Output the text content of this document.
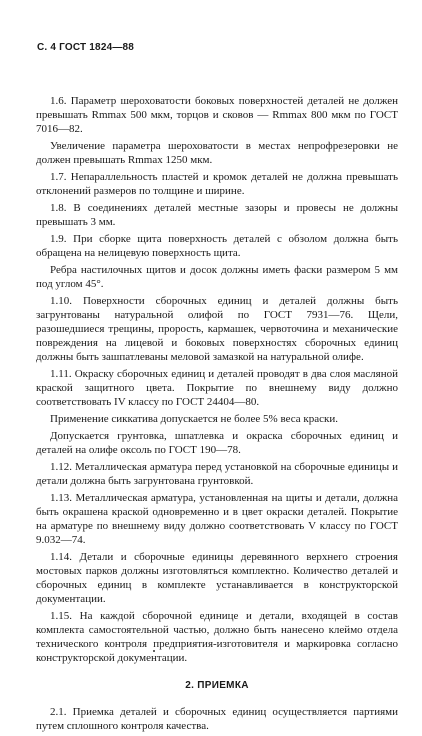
С. 4 ГОСТ 1824—88

1.6. Параметр шероховатости боковых поверхностей деталей не должен превышать Rmmax 500 мкм, торцов и сковов — Rmmax 800 мкм по ГОСТ 7016—82.

Увеличение параметра шероховатости в местах непрофрезеровки не должен превышать Rmmax 1250 мкм.

1.7. Непараллельность пластей и кромок деталей не должна превышать отклонений размеров по толщине и ширине.

1.8. В соединениях деталей местные зазоры и провесы не должны превышать 3 мм.

1.9. При сборке щита поверхность деталей с обзолом должна быть обращена на нелицевую поверхность щита.

Ребра настилочных щитов и досок должны иметь фаски размером 5 мм под углом 45°.

1.10. Поверхности сборочных единиц и деталей должны быть загрунтованы натуральной олифой по ГОСТ 7931—76. Щели, разошедшиеся трещины, прорость, кармашек, червоточина и механические повреждения на лицевой и боковых поверхностях сборочных единиц должны быть зашпатлеваны меловой замазкой на натуральной олифе.

1.11. Окраску сборочных единиц и деталей проводят в два слоя масляной краской защитного цвета. Покрытие по внешнему виду должно соответствовать IV классу по ГОСТ 24404—80.

Применение сиккатива допускается не более 5% веса краски.

Допускается грунтовка, шпатлевка и окраска сборочных единиц и деталей на олифе оксоль по ГОСТ 190—78.

1.12. Металлическая арматура перед установкой на сборочные единицы и детали должна быть загрунтована грунтовкой.

1.13. Металлическая арматура, установленная на щиты и детали, должна быть окрашена краской одновременно и в цвет окраски деталей. Покрытие на арматуре по внешнему виду должно соответствовать V классу по ГОСТ 9.032—74.

1.14. Детали и сборочные единицы деревянного верхнего строения мостовых парков должны изготовляться комплектно. Количество деталей и сборочных единиц в комплекте устанавливается в конструкторской документации.

1.15. На каждой сборочной единице и детали, входящей в состав комплекта самостоятельной частью, должно быть нанесено клеймо отдела технического контроля предприятия-изготовителя и маркировка согласно конструкторской документации.

2. ПРИЕМКА

2.1. Приемка деталей и сборочных единиц осуществляется партиями путем сплошного контроля качества.
